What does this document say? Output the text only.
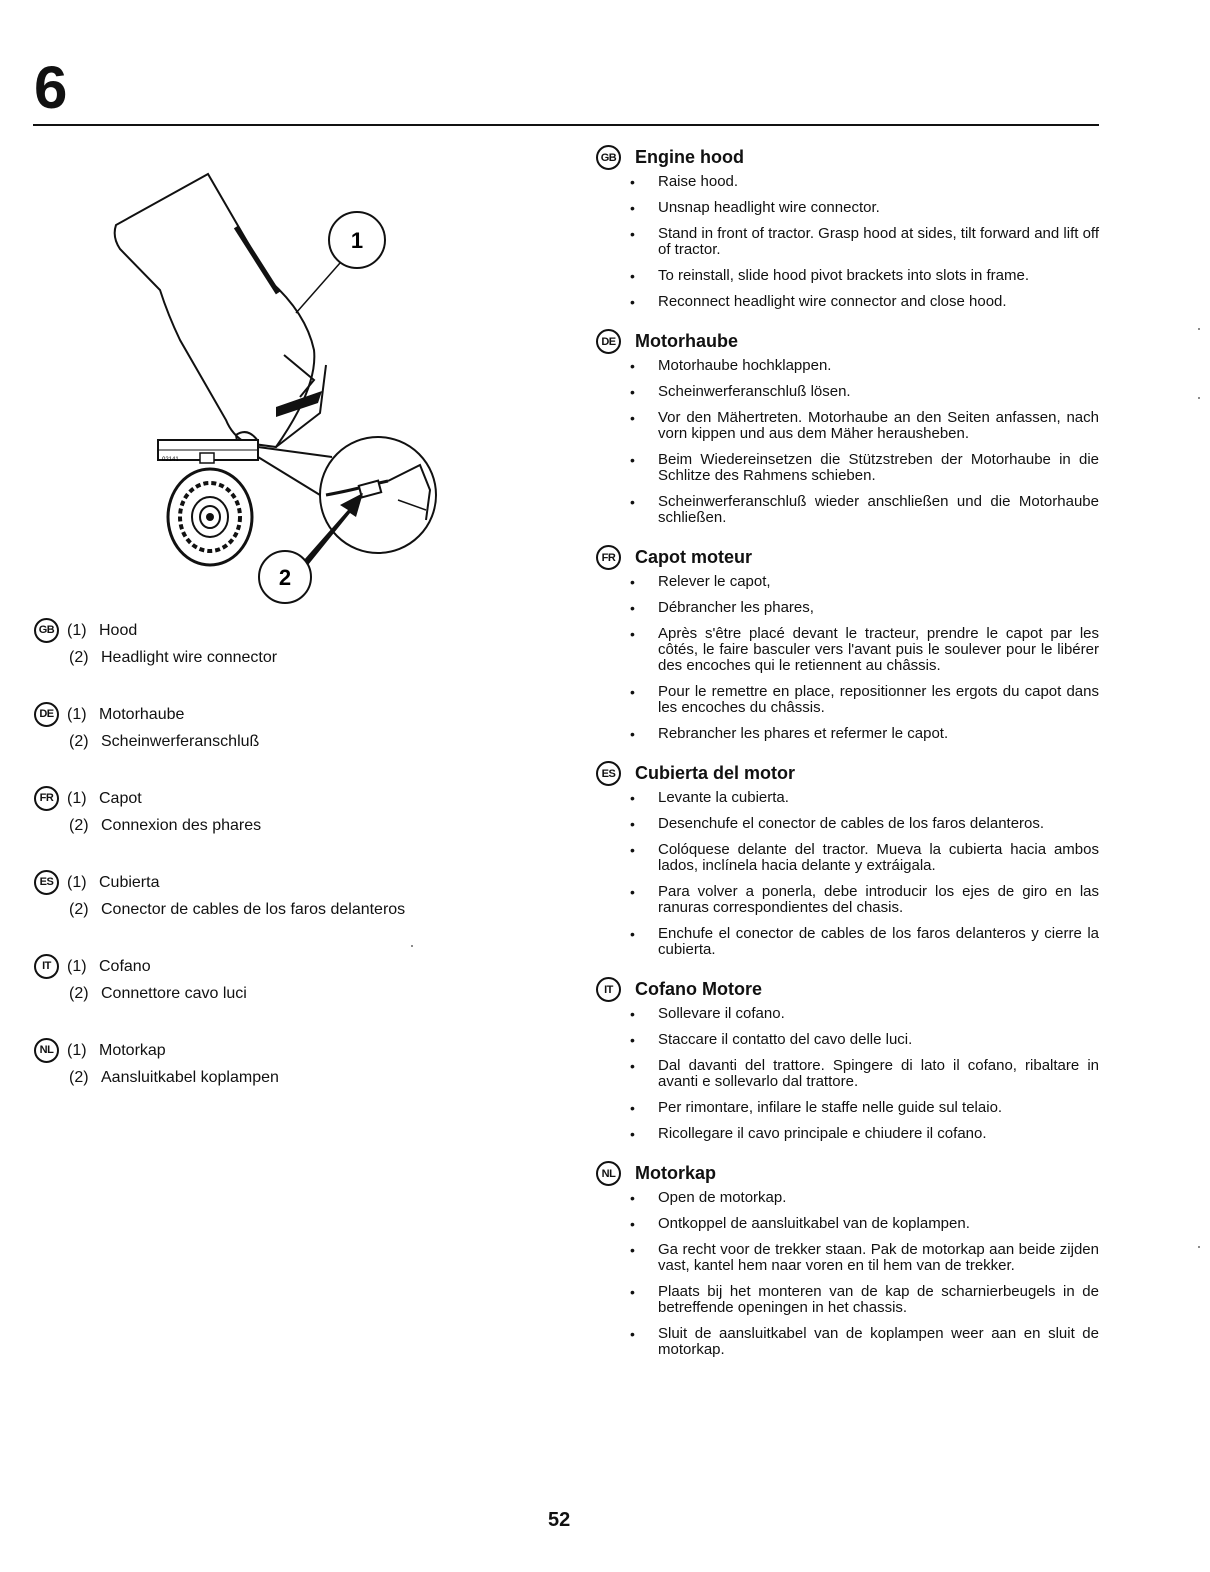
6
02141
1
2
GB (1) Hood
(2) Headlight wire connector
DE (1) Motorhaube
(2) Scheinwerferanschluß
FR (1) Capot
(2) Connexion des phares
ES (1) Cubierta
(2) Conector de cables de los faros delanteros
IT	(1) Cofano
(2) Connettore cavo luci
NL (1) Motorkap
(2) Aansluitkabel koplampen
GB Engine hood
• Raise hood.
• Unsnap headlight wire connector.
• Stand in front of tractor. Grasp hood at sides, tilt forward and lift off of tractor.
• To reinstall, slide hood pivot brackets into slots in frame.
• Reconnect headlight wire connector and close hood.
DE Motorhaube
• Motorhaube hochklappen.
• Scheinwerferanschluß lösen.
• Vor den Mähertreten. Motorhaube an den Seiten anfassen, nach vorn kippen und aus dem Mäher herausheben.
• Beim Wiedereinsetzen die Stützstreben der Motorhaube in die Schlitze des Rahmens schieben.
• Scheinwerferanschluß wieder anschließen und die Motorhaube schließen.
FR	Capot moteur
• Relever le capot,
• Débrancher les phares,
• Après s'être placé devant le tracteur, prendre le capot par les côtés, le faire basculer vers l'avant puis le soulever pour le libérer des encoches qui le retiennent au châssis.
• Pour le remettre en place, repositionner les ergots du capot dans les encoches du châssis.
• Rebrancher les phares et refermer le capot.
ES	Cubierta del motor
• Levante la cubierta.
• Desenchufe el conector de cables de los faros delanteros.
• Colóquese delante del tractor. Mueva la cubierta hacia ambos lados, inclínela hacia delante y extráigala.
• Para volver a ponerla, debe introducir los ejes de giro en las ranuras correspondientes del chasis.
• Enchufe el conector de cables de los faros delanteros y cierre la cubierta.
IT	Cofano Motore
• Sollevare il cofano.
• Staccare il contatto del cavo delle luci.
• Dal davanti del trattore. Spingere di lato il cofano, ribaltare in avanti e sollevarlo dal trattore.
• Per rimontare, infilare le staffe nelle guide sul telaio.
• Ricollegare il cavo principale e chiudere il cofano.
NL	Motorkap
• Open de motorkap.
• Ontkoppel de aansluitkabel van de koplampen.
• Ga recht voor de trekker staan. Pak de motorkap aan beide zijden vast, kantel hem naar voren en til hem van de trekker.
• Plaats bij het monteren van de kap de scharnierbeugels in de betreffende openingen in het chassis.
• Sluit de aansluitkabel van de koplampen weer aan en sluit de motorkap.
52
